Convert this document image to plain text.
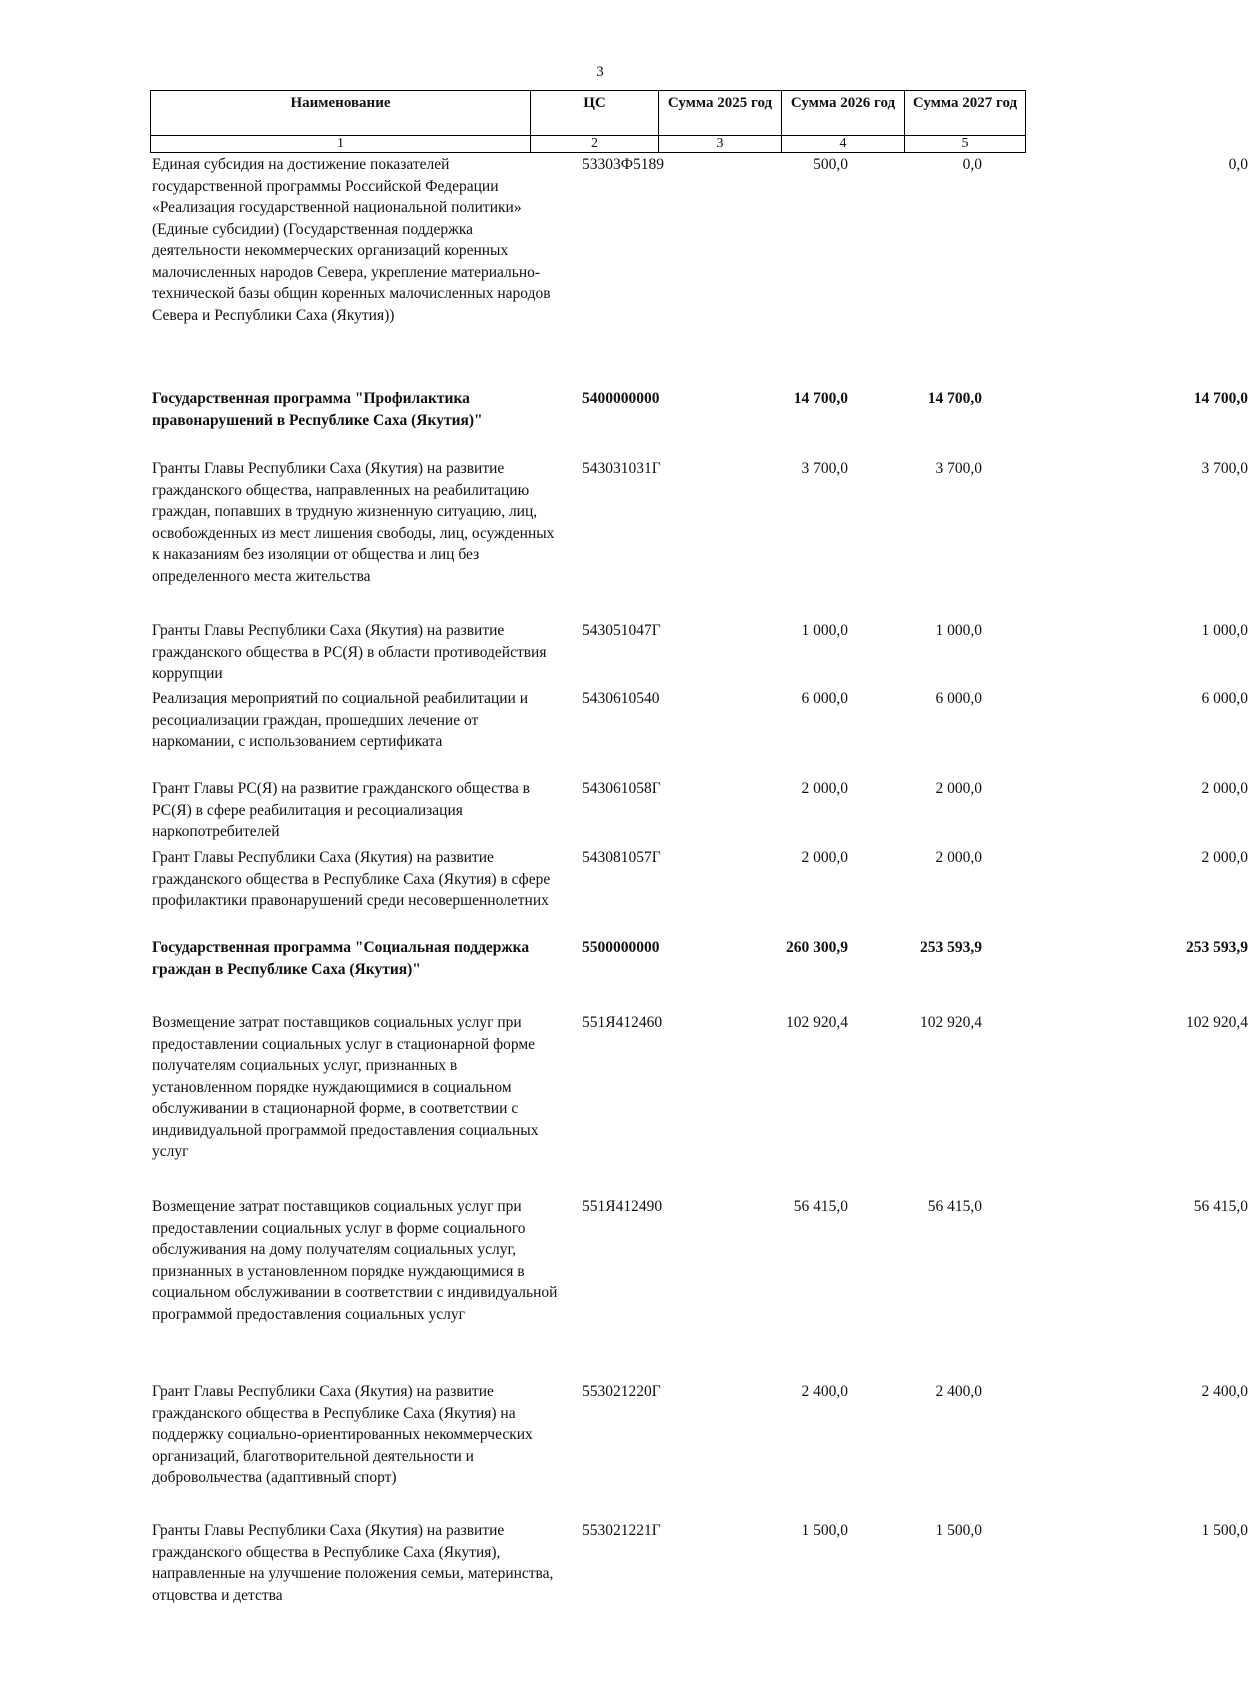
3
Наименование	ЦС	Сумма 2025 год	Сумма 2026 год	Сумма 2027 год
1	2	3	4	5
Единая субсидия на достижение показателей государственной программы Российской Федерации «Реализация государственной национальной политики» (Единые субсидии) (Государственная поддержка деятельности некоммерческих организаций коренных малочисленных народов Севера, укрепление материально-технической базы общин коренных малочисленных народов Севера и Республики Саха (Якутия))
53303Ф5189	500,0	0,0	0,0
Государственная программа "Профилактика правонарушений в Республике Саха (Якутия)"
5400000000	14 700,0	14 700,0	14 700,0
Гранты Главы Республики Саха (Якутия) на развитие гражданского общества, направленных на реабилитацию граждан, попавших в трудную жизненную ситуацию, лиц, освобожденных из мест лишения свободы, лиц, осужденных к наказаниям без изоляции от общества и лиц без определенного места жительства
543031031Г	3 700,0	3 700,0	3 700,0
Гранты Главы Республики Саха (Якутия) на развитие гражданского общества в РС(Я) в области противодействия коррупции
543051047Г	1 000,0	1 000,0	1 000,0
Реализация мероприятий по социальной реабилитации и ресоциализации граждан, прошедших лечение от наркомании, с использованием сертификата
5430610540	6 000,0	6 000,0	6 000,0
Грант Главы РС(Я) на развитие гражданского общества в РС(Я) в сфере реабилитация и ресоциализация наркопотребителей
543061058Г	2 000,0	2 000,0	2 000,0
Грант Главы Республики Саха (Якутия) на развитие гражданского общества в Республике Саха (Якутия) в сфере профилактики правонарушений среди несовершеннолетних
543081057Г	2 000,0	2 000,0	2 000,0
Государственная программа "Социальная поддержка граждан в Республике Саха (Якутия)"
5500000000	260 300,9	253 593,9	253 593,9
Возмещение затрат поставщиков социальных услуг при предоставлении социальных услуг в стационарной форме получателям социальных услуг, признанных в установленном порядке нуждающимися в социальном обслуживании в стационарной форме, в соответствии с индивидуальной программой предоставления социальных услуг
551Я412460	102 920,4	102 920,4	102 920,4
Возмещение затрат поставщиков социальных услуг при предоставлении социальных услуг в форме социального обслуживания на дому получателям социальных услуг, признанных в установленном порядке нуждающимися в социальном обслуживании в соответствии с индивидуальной программой предоставления социальных услуг
551Я412490	56 415,0	56 415,0	56 415,0
Грант Главы Республики Саха (Якутия) на развитие гражданского общества в Республике Саха (Якутия) на поддержку социально-ориентированных некоммерческих организаций, благотворительной деятельности и добровольчества (адаптивный спорт)
553021220Г	2 400,0	2 400,0	2 400,0
Гранты Главы Республики Саха (Якутия) на развитие гражданского общества в Республике Саха (Якутия), направленные на улучшение положения семьи, материнства, отцовства и детства
553021221Г	1 500,0	1 500,0	1 500,0
